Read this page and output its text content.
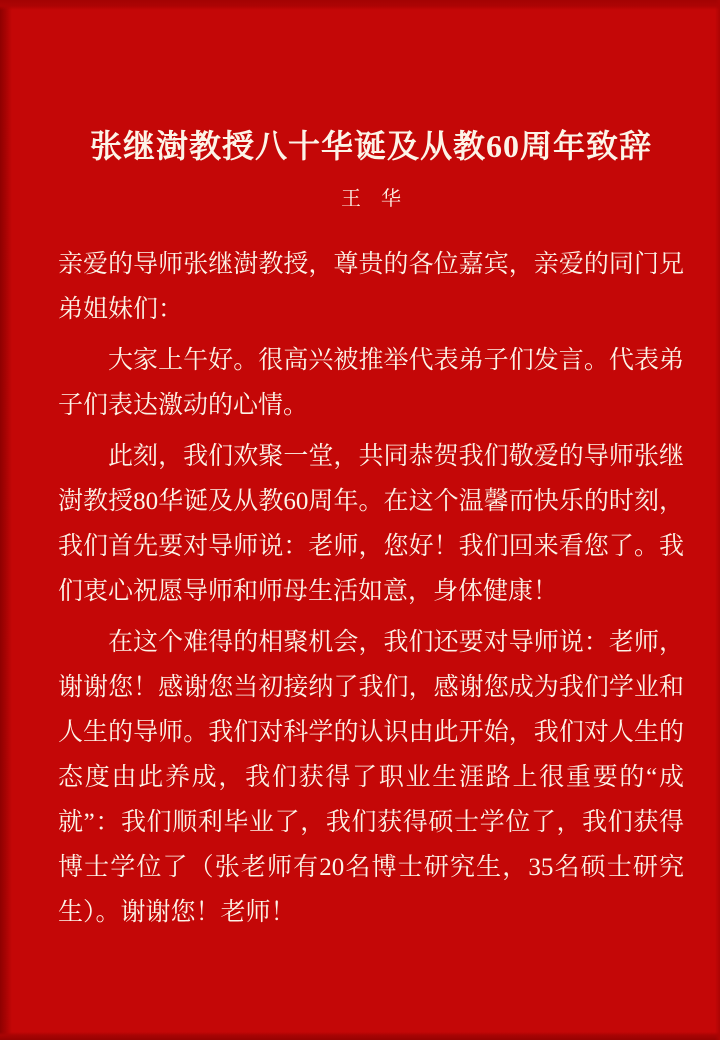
张继澍教授八十华诞及从教60周年致辞
王　华
亲爱的导师张继澍教授，尊贵的各位嘉宾，亲爱的同门兄
弟姐妹们：
大家上午好。很高兴被推举代表弟子们发言。代表弟
子们表达激动的心情。
此刻，我们欢聚一堂，共同恭贺我们敬爱的导师张继
澍教授80华诞及从教60周年。在这个温馨而快乐的时刻，
我们首先要对导师说：老师，您好！我们回来看您了。我
们衷心祝愿导师和师母生活如意，身体健康！
在这个难得的相聚机会，我们还要对导师说：老师，
谢谢您！感谢您当初接纳了我们，感谢您成为我们学业和
人生的导师。我们对科学的认识由此开始，我们对人生的
态度由此养成，我们获得了职业生涯路上很重要的“成
就”：我们顺利毕业了，我们获得硕士学位了，我们获得
博士学位了（张老师有20名博士研究生，35名硕士研究
生）。谢谢您！老师！
